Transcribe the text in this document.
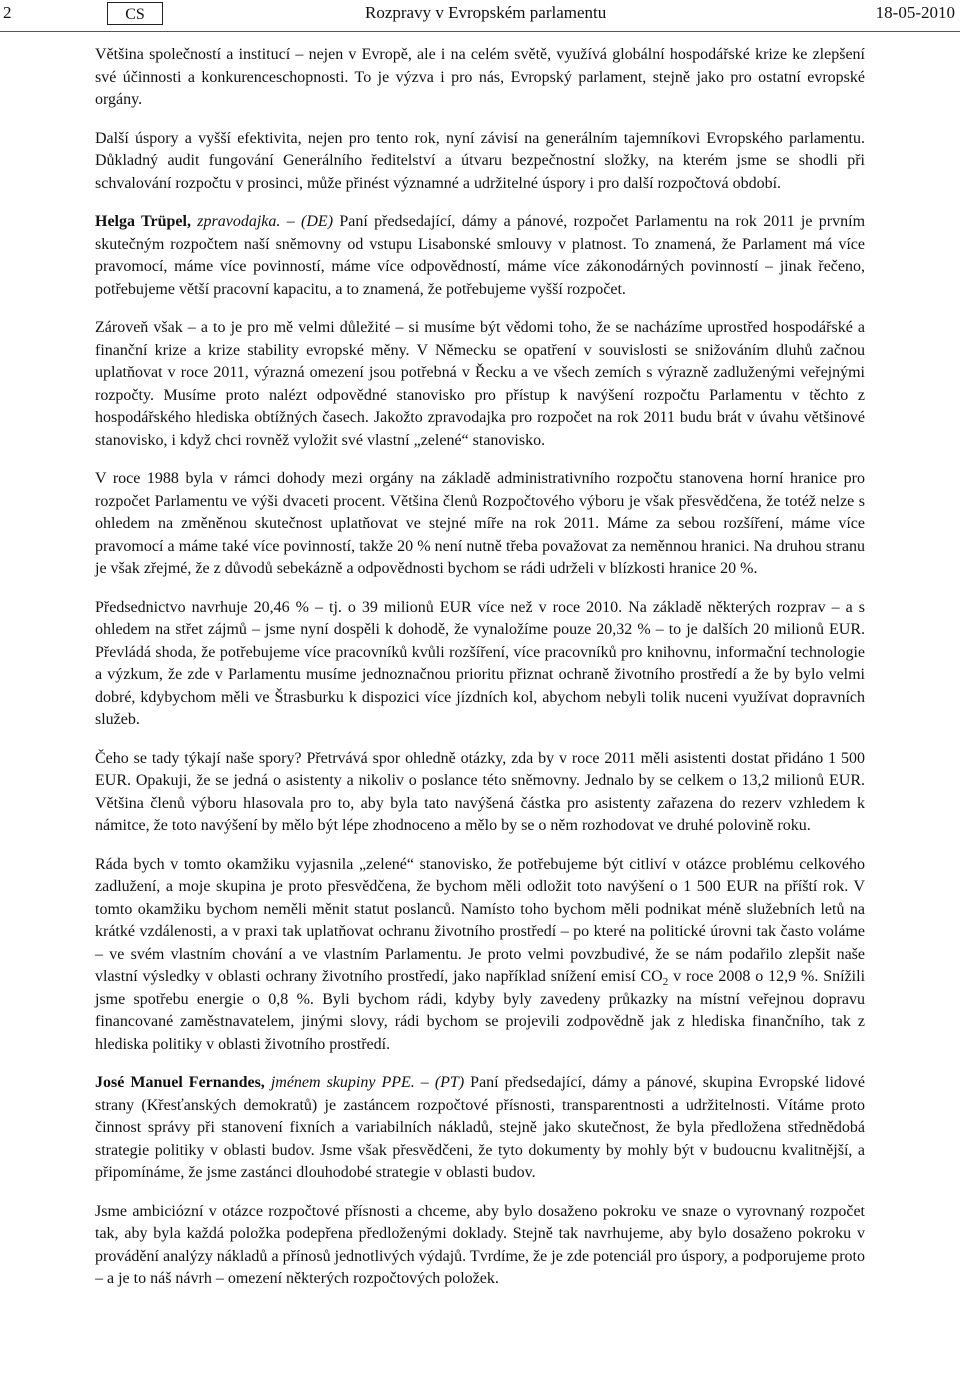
2	CS	Rozpravy v Evropském parlamentu	18-05-2010

Většina společností a institucí – nejen v Evropě, ale i na celém světě, využívá globální hospodářské krize ke zlepšení své účinnosti a konkurenceschopnosti. To je výzva i pro nás, Evropský parlament, stejně jako pro ostatní evropské orgány.

Další úspory a vyšší efektivita, nejen pro tento rok, nyní závisí na generálním tajemníkovi Evropského parlamentu. Důkladný audit fungování Generálního ředitelství a útvaru bezpečnostní složky, na kterém jsme se shodli při schvalování rozpočtu v prosinci, může přinést významné a udržitelné úspory i pro další rozpočtová období.

Helga Trüpel, zpravodajka. – (DE) Paní předsedající, dámy a pánové, rozpočet Parlamentu na rok 2011 je prvním skutečným rozpočtem naší sněmovny od vstupu Lisabonské smlouvy v platnost. To znamená, že Parlament má více pravomocí, máme více povinností, máme více odpovědností, máme více zákonodárných povinností – jinak řečeno, potřebujeme větší pracovní kapacitu, a to znamená, že potřebujeme vyšší rozpočet.

Zároveň však – a to je pro mě velmi důležité – si musíme být vědomi toho, že se nacházíme uprostřed hospodářské a finanční krize a krize stability evropské měny. V Německu se opatření v souvislosti se snižováním dluhů začnou uplatňovat v roce 2011, výrazná omezení jsou potřebná v Řecku a ve všech zemích s výrazně zadluženými veřejnými rozpočty. Musíme proto nalézt odpovědné stanovisko pro přístup k navýšení rozpočtu Parlamentu v těchto z hospodářského hlediska obtížných časech. Jakožto zpravodajka pro rozpočet na rok 2011 budu brát v úvahu většinové stanovisko, i když chci rovněž vyložit své vlastní „zelené“ stanovisko.

V roce 1988 byla v rámci dohody mezi orgány na základě administrativního rozpočtu stanovena horní hranice pro rozpočet Parlamentu ve výši dvaceti procent. Většina členů Rozpočtového výboru je však přesvědčena, že totéž nelze s ohledem na změněnou skutečnost uplatňovat ve stejné míře na rok 2011. Máme za sebou rozšíření, máme více pravomocí a máme také více povinností, takže 20 % není nutně třeba považovat za neměnnou hranici. Na druhou stranu je však zřejmé, že z důvodů sebekázně a odpovědnosti bychom se rádi udrželi v blízkosti hranice 20 %.

Předsednictvo navrhuje 20,46 % – tj. o 39 milionů EUR více než v roce 2010. Na základě některých rozprav – a s ohledem na střet zájmů – jsme nyní dospěli k dohodě, že vynaložíme pouze 20,32 % – to je dalších 20 milionů EUR. Převládá shoda, že potřebujeme více pracovníků kvůli rozšíření, více pracovníků pro knihovnu, informační technologie a výzkum, že zde v Parlamentu musíme jednoznačnou prioritu přiznat ochraně životního prostředí a že by bylo velmi dobré, kdybychom měli ve Štrasburku k dispozici více jízdních kol, abychom nebyli tolik nuceni využívat dopravních služeb.

Čeho se tady týkají naše spory? Přetrvává spor ohledně otázky, zda by v roce 2011 měli asistenti dostat přidáno 1 500 EUR. Opakuji, že se jedná o asistenty a nikoliv o poslance této sněmovny. Jednalo by se celkem o 13,2 milionů EUR. Většina členů výboru hlasovala pro to, aby byla tato navýšená částka pro asistenty zařazena do rezerv vzhledem k námitce, že toto navýšení by mělo být lépe zhodnoceno a mělo by se o něm rozhodovat ve druhé polovině roku.

Ráda bych v tomto okamžiku vyjasnila „zelené“ stanovisko, že potřebujeme být citliví v otázce problému celkového zadlužení, a moje skupina je proto přesvědčena, že bychom měli odložit toto navýšení o 1 500 EUR na příští rok. V tomto okamžiku bychom neměli měnit statut poslanců. Namísto toho bychom měli podnikat méně služebních letů na krátké vzdálenosti, a v praxi tak uplatňovat ochranu životního prostředí – po které na politické úrovni tak často voláme – ve svém vlastním chování a ve vlastním Parlamentu. Je proto velmi povzbudivé, že se nám podařilo zlepšit naše vlastní výsledky v oblasti ochrany životního prostředí, jako například snížení emisí $CO_2$ v roce 2008 o 12,9 %. Snížili jsme spotřebu energie o 0,8 %. Byli bychom rádi, kdyby byly zavedeny průkazky na místní veřejnou dopravu financované zaměstnavatelem, jinými slovy, rádi bychom se projevili zodpovědně jak z hlediska finančního, tak z hlediska politiky v oblasti životního prostředí.

José Manuel Fernandes, jménem skupiny PPE. – (PT) Paní předsedající, dámy a pánové, skupina Evropské lidové strany (Křesťanských demokratů) je zastáncem rozpočtové přísnosti, transparentnosti a udržitelnosti. Vítáme proto činnost správy při stanovení fixních a variabilních nákladů, stejně jako skutečnost, že byla předložena střednědobá strategie politiky v oblasti budov. Jsme však přesvědčeni, že tyto dokumenty by mohly být v budoucnu kvalitnější, a připomínáme, že jsme zastánci dlouhodobé strategie v oblasti budov.

Jsme ambiciózní v otázce rozpočtové přísnosti a chceme, aby bylo dosaženo pokroku ve snaze o vyrovnaný rozpočet tak, aby byla každá položka podepřena předloženými doklady. Stejně tak navrhujeme, aby bylo dosaženo pokroku v provádění analýzy nákladů a přínosů jednotlivých výdajů. Tvrdíme, že je zde potenciál pro úspory, a podporujeme proto – a je to náš návrh – omezení některých rozpočtových položek.
